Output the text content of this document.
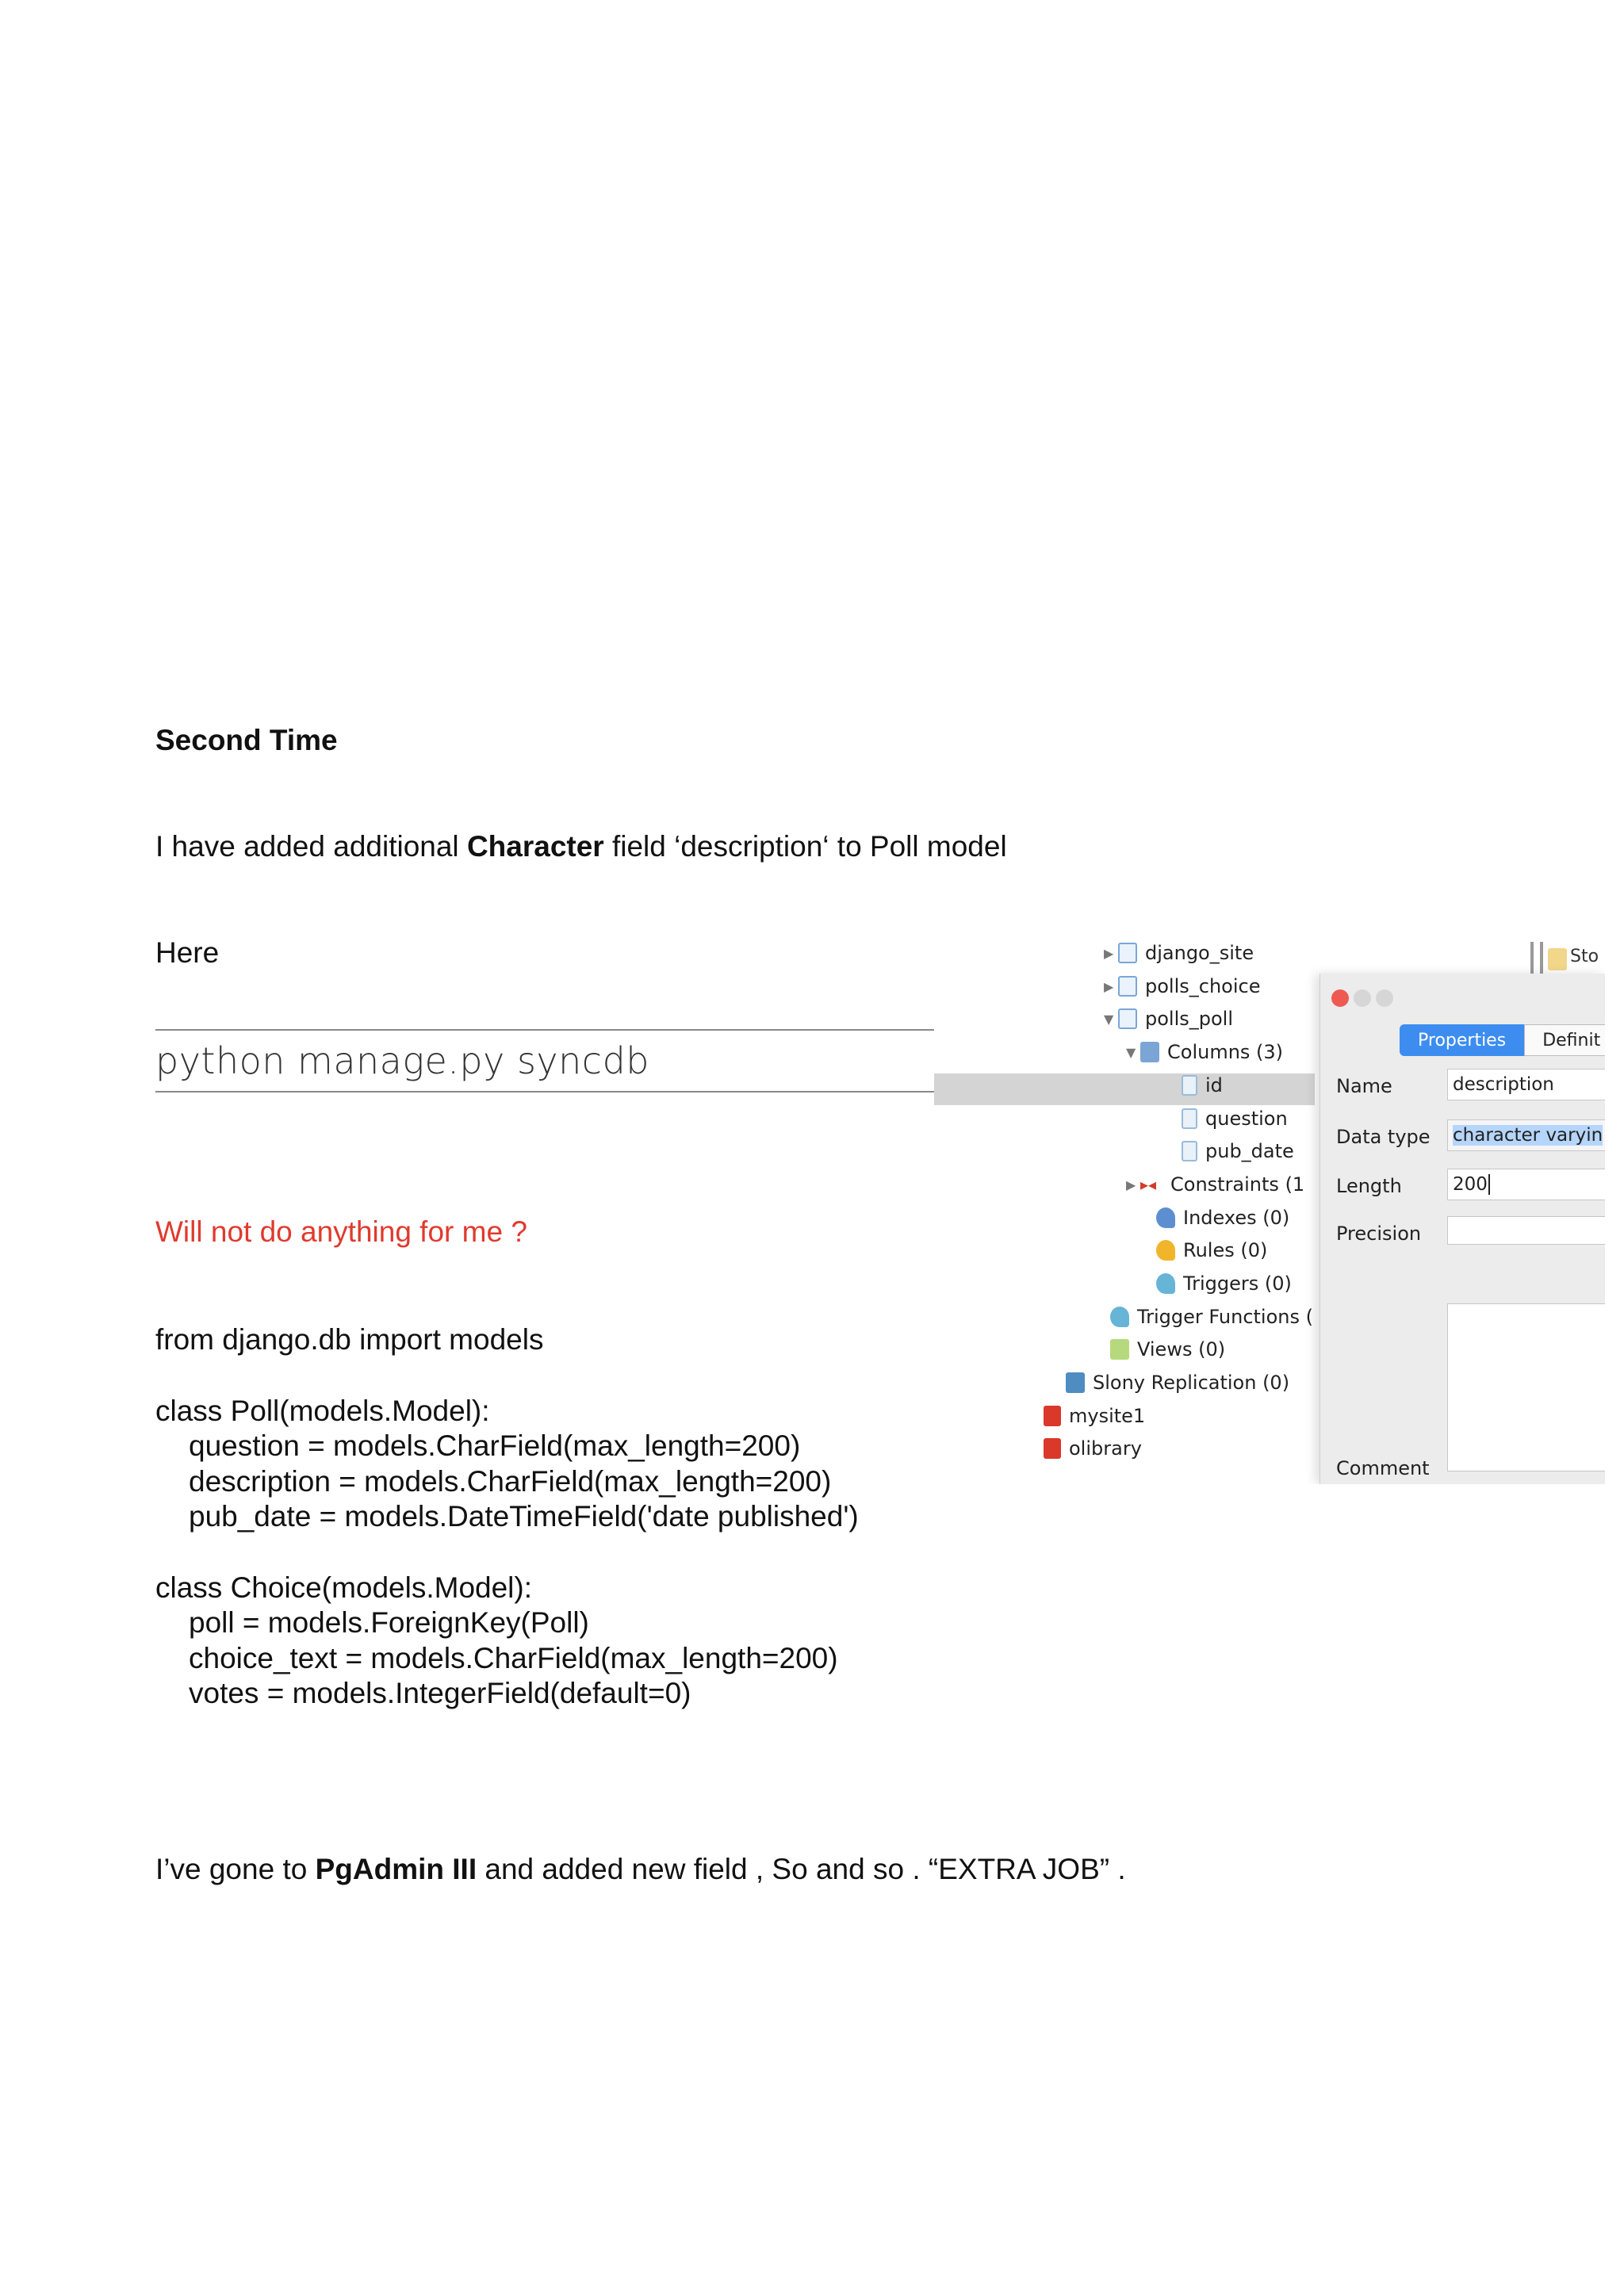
Second Time
I have added additional Character field ‘description‘ to Poll model
Here
python manage.py syncdb
Will not do anything for me ?
from django.db import models
class Poll(models.Model):
question = models.CharField(max_length=200)
description = models.CharField(max_length=200)
pub_date = models.DateTimeField('date published')
class Choice(models.Model):
poll = models.ForeignKey(Poll)
choice_text = models.CharField(max_length=200)
votes = models.IntegerField(default=0)
I’ve gone to PgAdmin III and added new field , So and so . “EXTRA JOB” .
▶ django_site
▶ polls_choice
▼ polls_poll
▼ Columns (3)
id
question
pub_date
▶ ▸◂ Constraints (1
Indexes (0)
Rules (0)
Triggers (0)
Trigger Functions (
Views (0)
Slony Replication (0)
mysite1
olibrary
Sto
Properties	Definit
Name	description
Data type character varyin
Length	200
Precision
Comment
